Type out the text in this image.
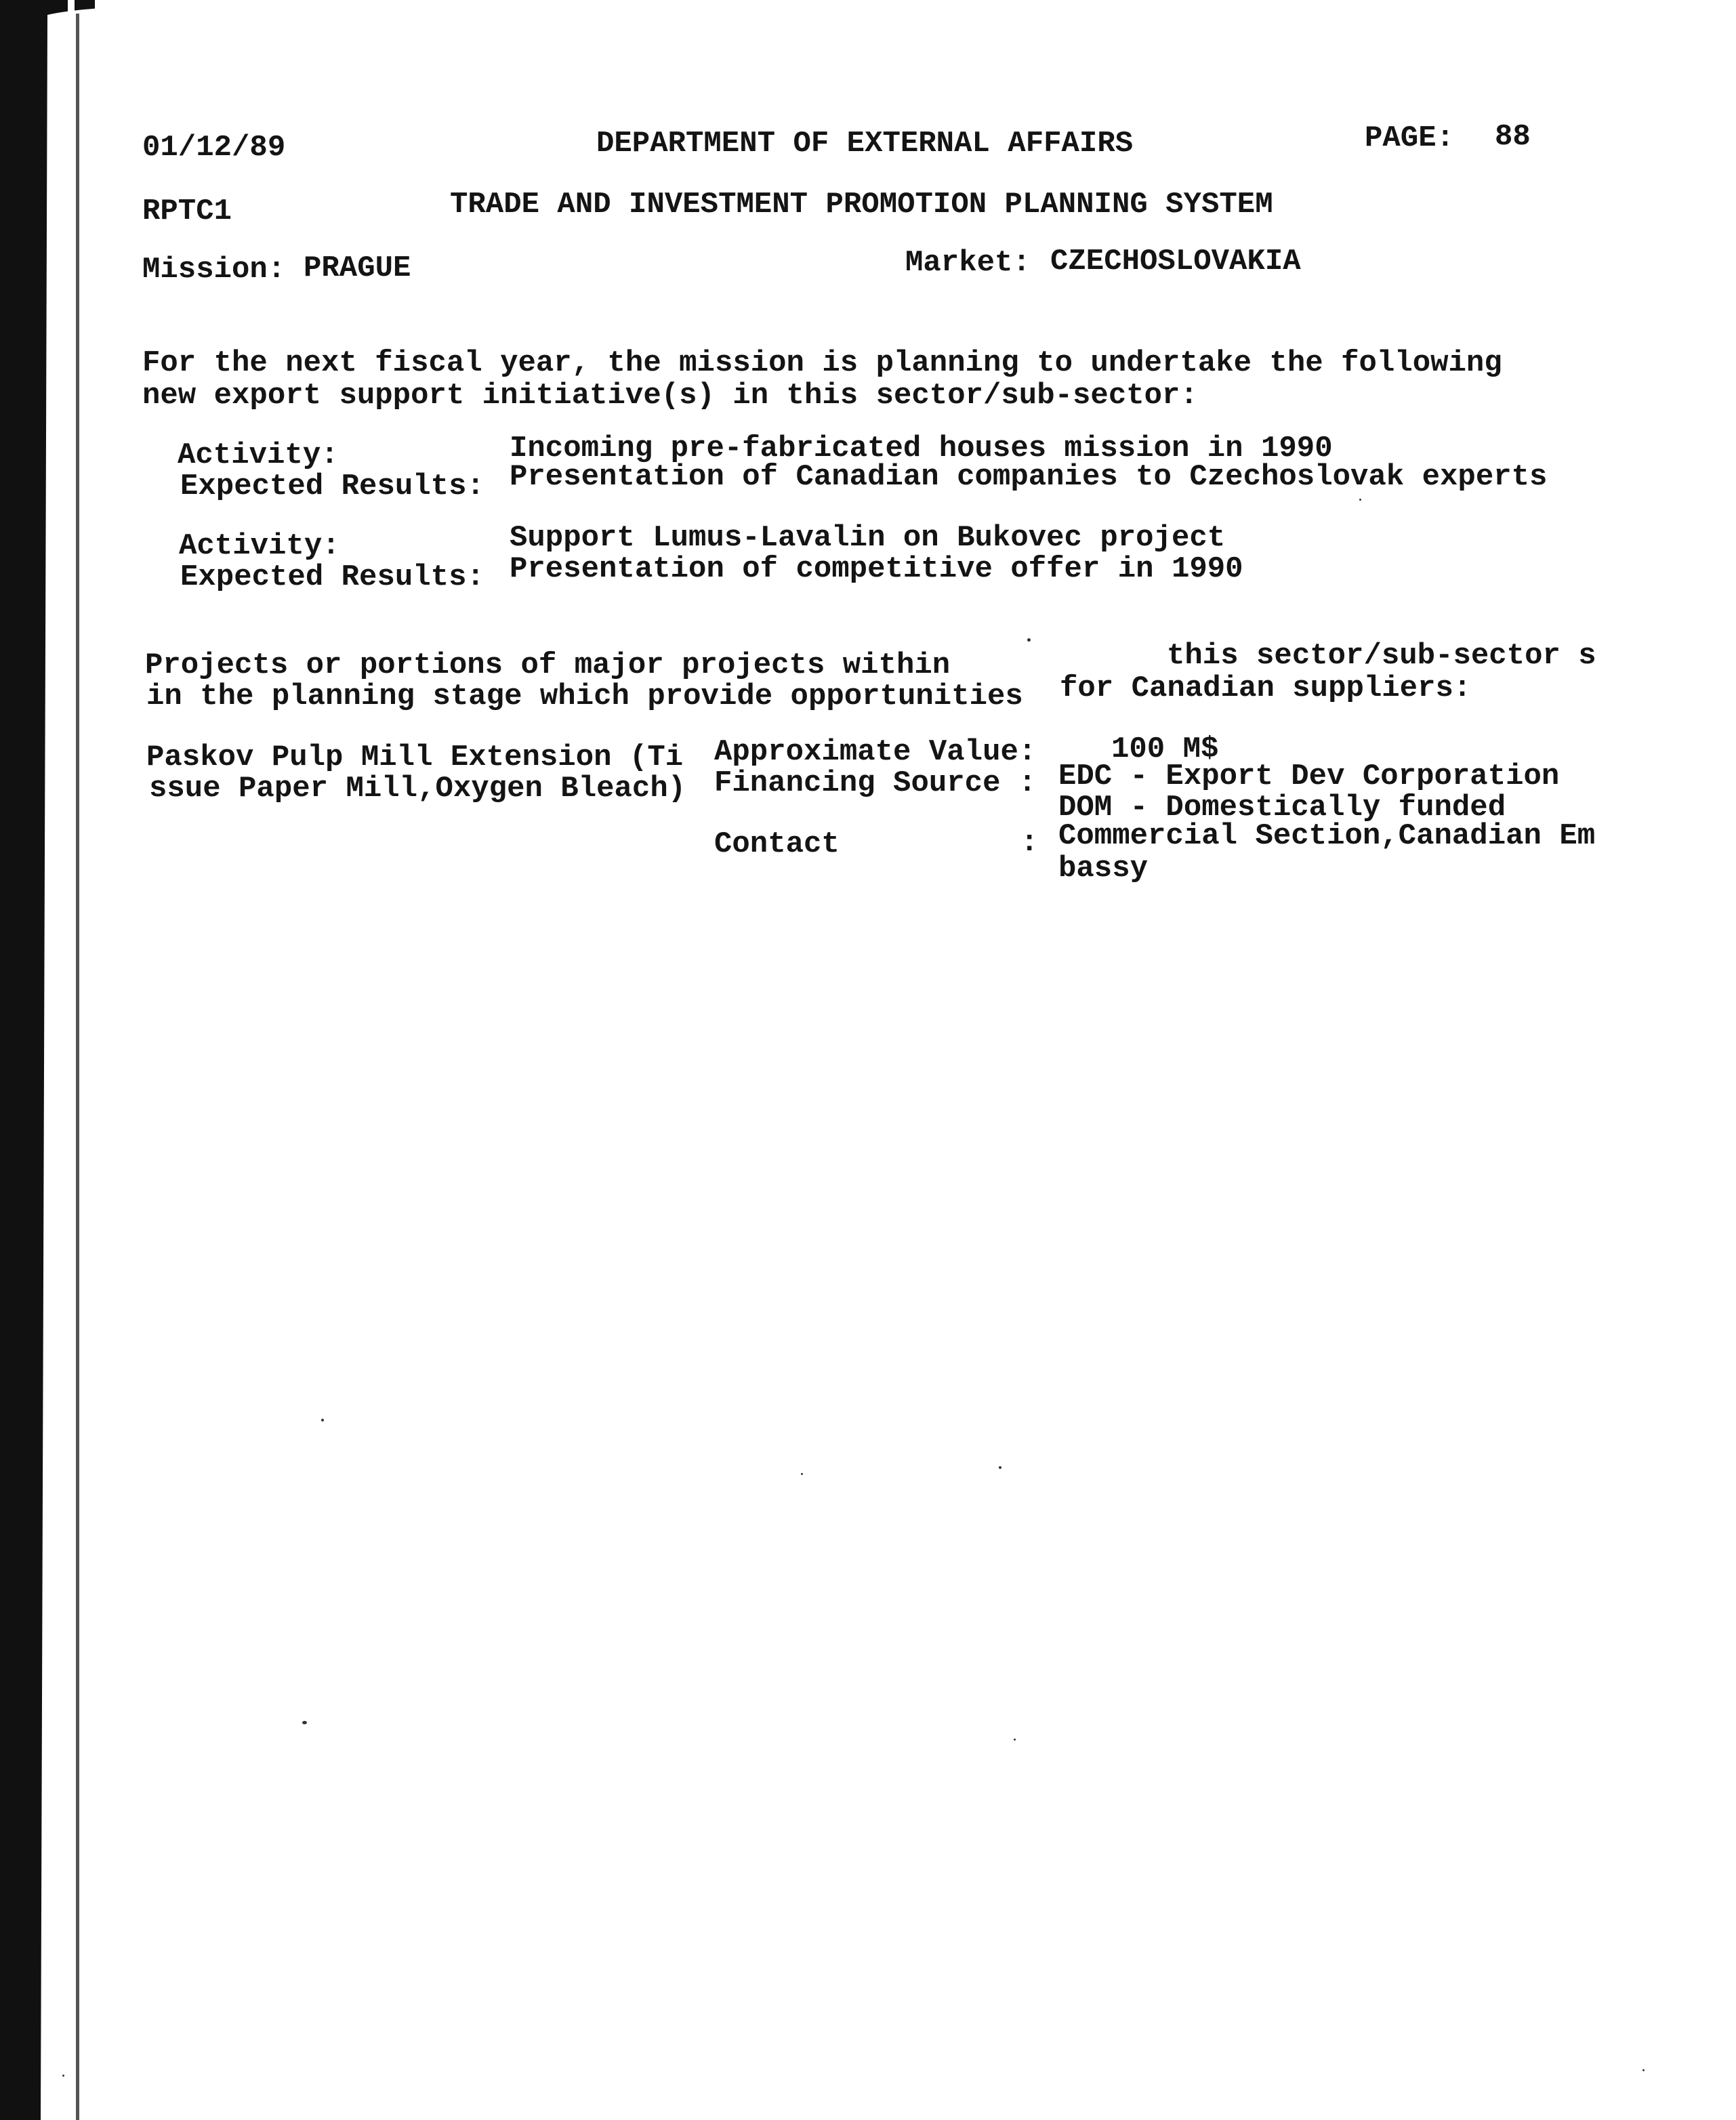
01/12/89	DEPARTMENT OF EXTERNAL AFFAIRS	PAGE: 88
RPTC1	TRADE AND INVESTMENT PROMOTION PLANNING SYSTEM
Mission: PRAGUE	Market: CZECHOSLOVAKIA
For the next fiscal year, the mission is planning to undertake the following
new export support initiative(s) in this sector/sub-sector:
Activity:	Incoming pre-fabricated houses mission in 1990
Expected Results: Presentation of Canadian companies to Czechoslovak experts
Activity:	Support Lumus-Lavalin on Bukovec project
Expected Results: Presentation of competitive offer in 1990
Projects or portions of major projects within	this sector/sub-sector s
in the planning stage which provide opportunities for Canadian suppliers:
Paskov Pulp Mill Extension (Ti
ssue Paper Mill,Oxygen Bleach)
Approximate Value:	100 M$
Financing Source : EDC - Export Dev Corporation
DOM - Domestically funded
Contact	: Commercial Section,Canadian Em
bassy
